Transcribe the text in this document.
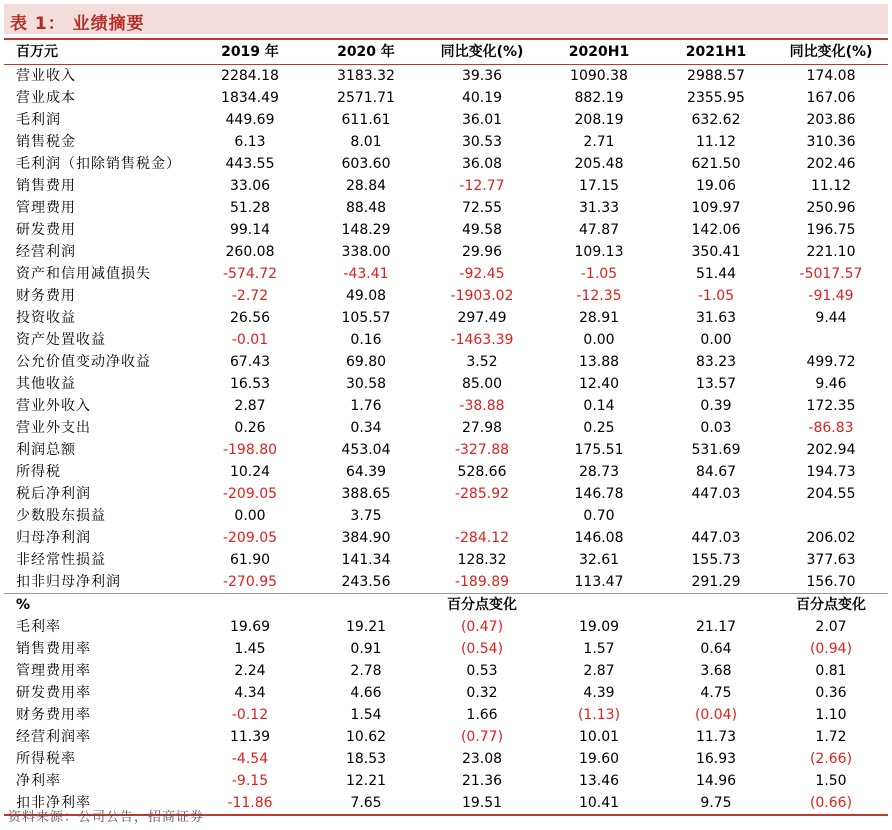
表 1： 业绩摘要
百万元	2019 年	2020 年	同比变化(%)	2020H1	2021H1	同比变化(%)
营业收入	2284.18	3183.32	39.36	1090.38	2988.57	174.08
营业成本	1834.49	2571.71	40.19	882.19	2355.95	167.06
毛利润	449.69	611.61	36.01	208.19	632.62	203.86
销售税金	6.13	8.01	30.53	2.71	11.12	310.36
毛利润（扣除销售税金）	443.55	603.60	36.08	205.48	621.50	202.46
销售费用	33.06	28.84	-12.77	17.15	19.06	11.12
管理费用	51.28	88.48	72.55	31.33	109.97	250.96
研发费用	99.14	148.29	49.58	47.87	142.06	196.75
经营利润	260.08	338.00	29.96	109.13	350.41	221.10
资产和信用减值损失	-574.72	-43.41	-92.45	-1.05	51.44	-5017.57
财务费用	-2.72	49.08	-1903.02	-12.35	-1.05	-91.49
投资收益	26.56	105.57	297.49	28.91	31.63	9.44
资产处置收益	-0.01	0.16	-1463.39	0.00	0.00	
公允价值变动净收益	67.43	69.80	3.52	13.88	83.23	499.72
其他收益	16.53	30.58	85.00	12.40	13.57	9.46
营业外收入	2.87	1.76	-38.88	0.14	0.39	172.35
营业外支出	0.26	0.34	27.98	0.25	0.03	-86.83
利润总额	-198.80	453.04	-327.88	175.51	531.69	202.94
所得税	10.24	64.39	528.66	28.73	84.67	194.73
税后净利润	-209.05	388.65	-285.92	146.78	447.03	204.55
少数股东损益	0.00	3.75		0.70		
归母净利润	-209.05	384.90	-284.12	146.08	447.03	206.02
非经常性损益	61.90	141.34	128.32	32.61	155.73	377.63
扣非归母净利润	-270.95	243.56	-189.89	113.47	291.29	156.70
%			百分点变化			百分点变化
毛利率	19.69	19.21	(0.47)	19.09	21.17	2.07
销售费用率	1.45	0.91	(0.54)	1.57	0.64	(0.94)
管理费用率	2.24	2.78	0.53	2.87	3.68	0.81
研发费用率	4.34	4.66	0.32	4.39	4.75	0.36
财务费用率	-0.12	1.54	1.66	(1.13)	(0.04)	1.10
经营利润率	11.39	10.62	(0.77)	10.01	11.73	1.72
所得税率	-4.54	18.53	23.08	19.60	16.93	(2.66)
净利率	-9.15	12.21	21.36	13.46	14.96	1.50
扣非净利率	-11.86	7.65	19.51	10.41	9.75	(0.66)
资料来源：公司公告，招商证券
